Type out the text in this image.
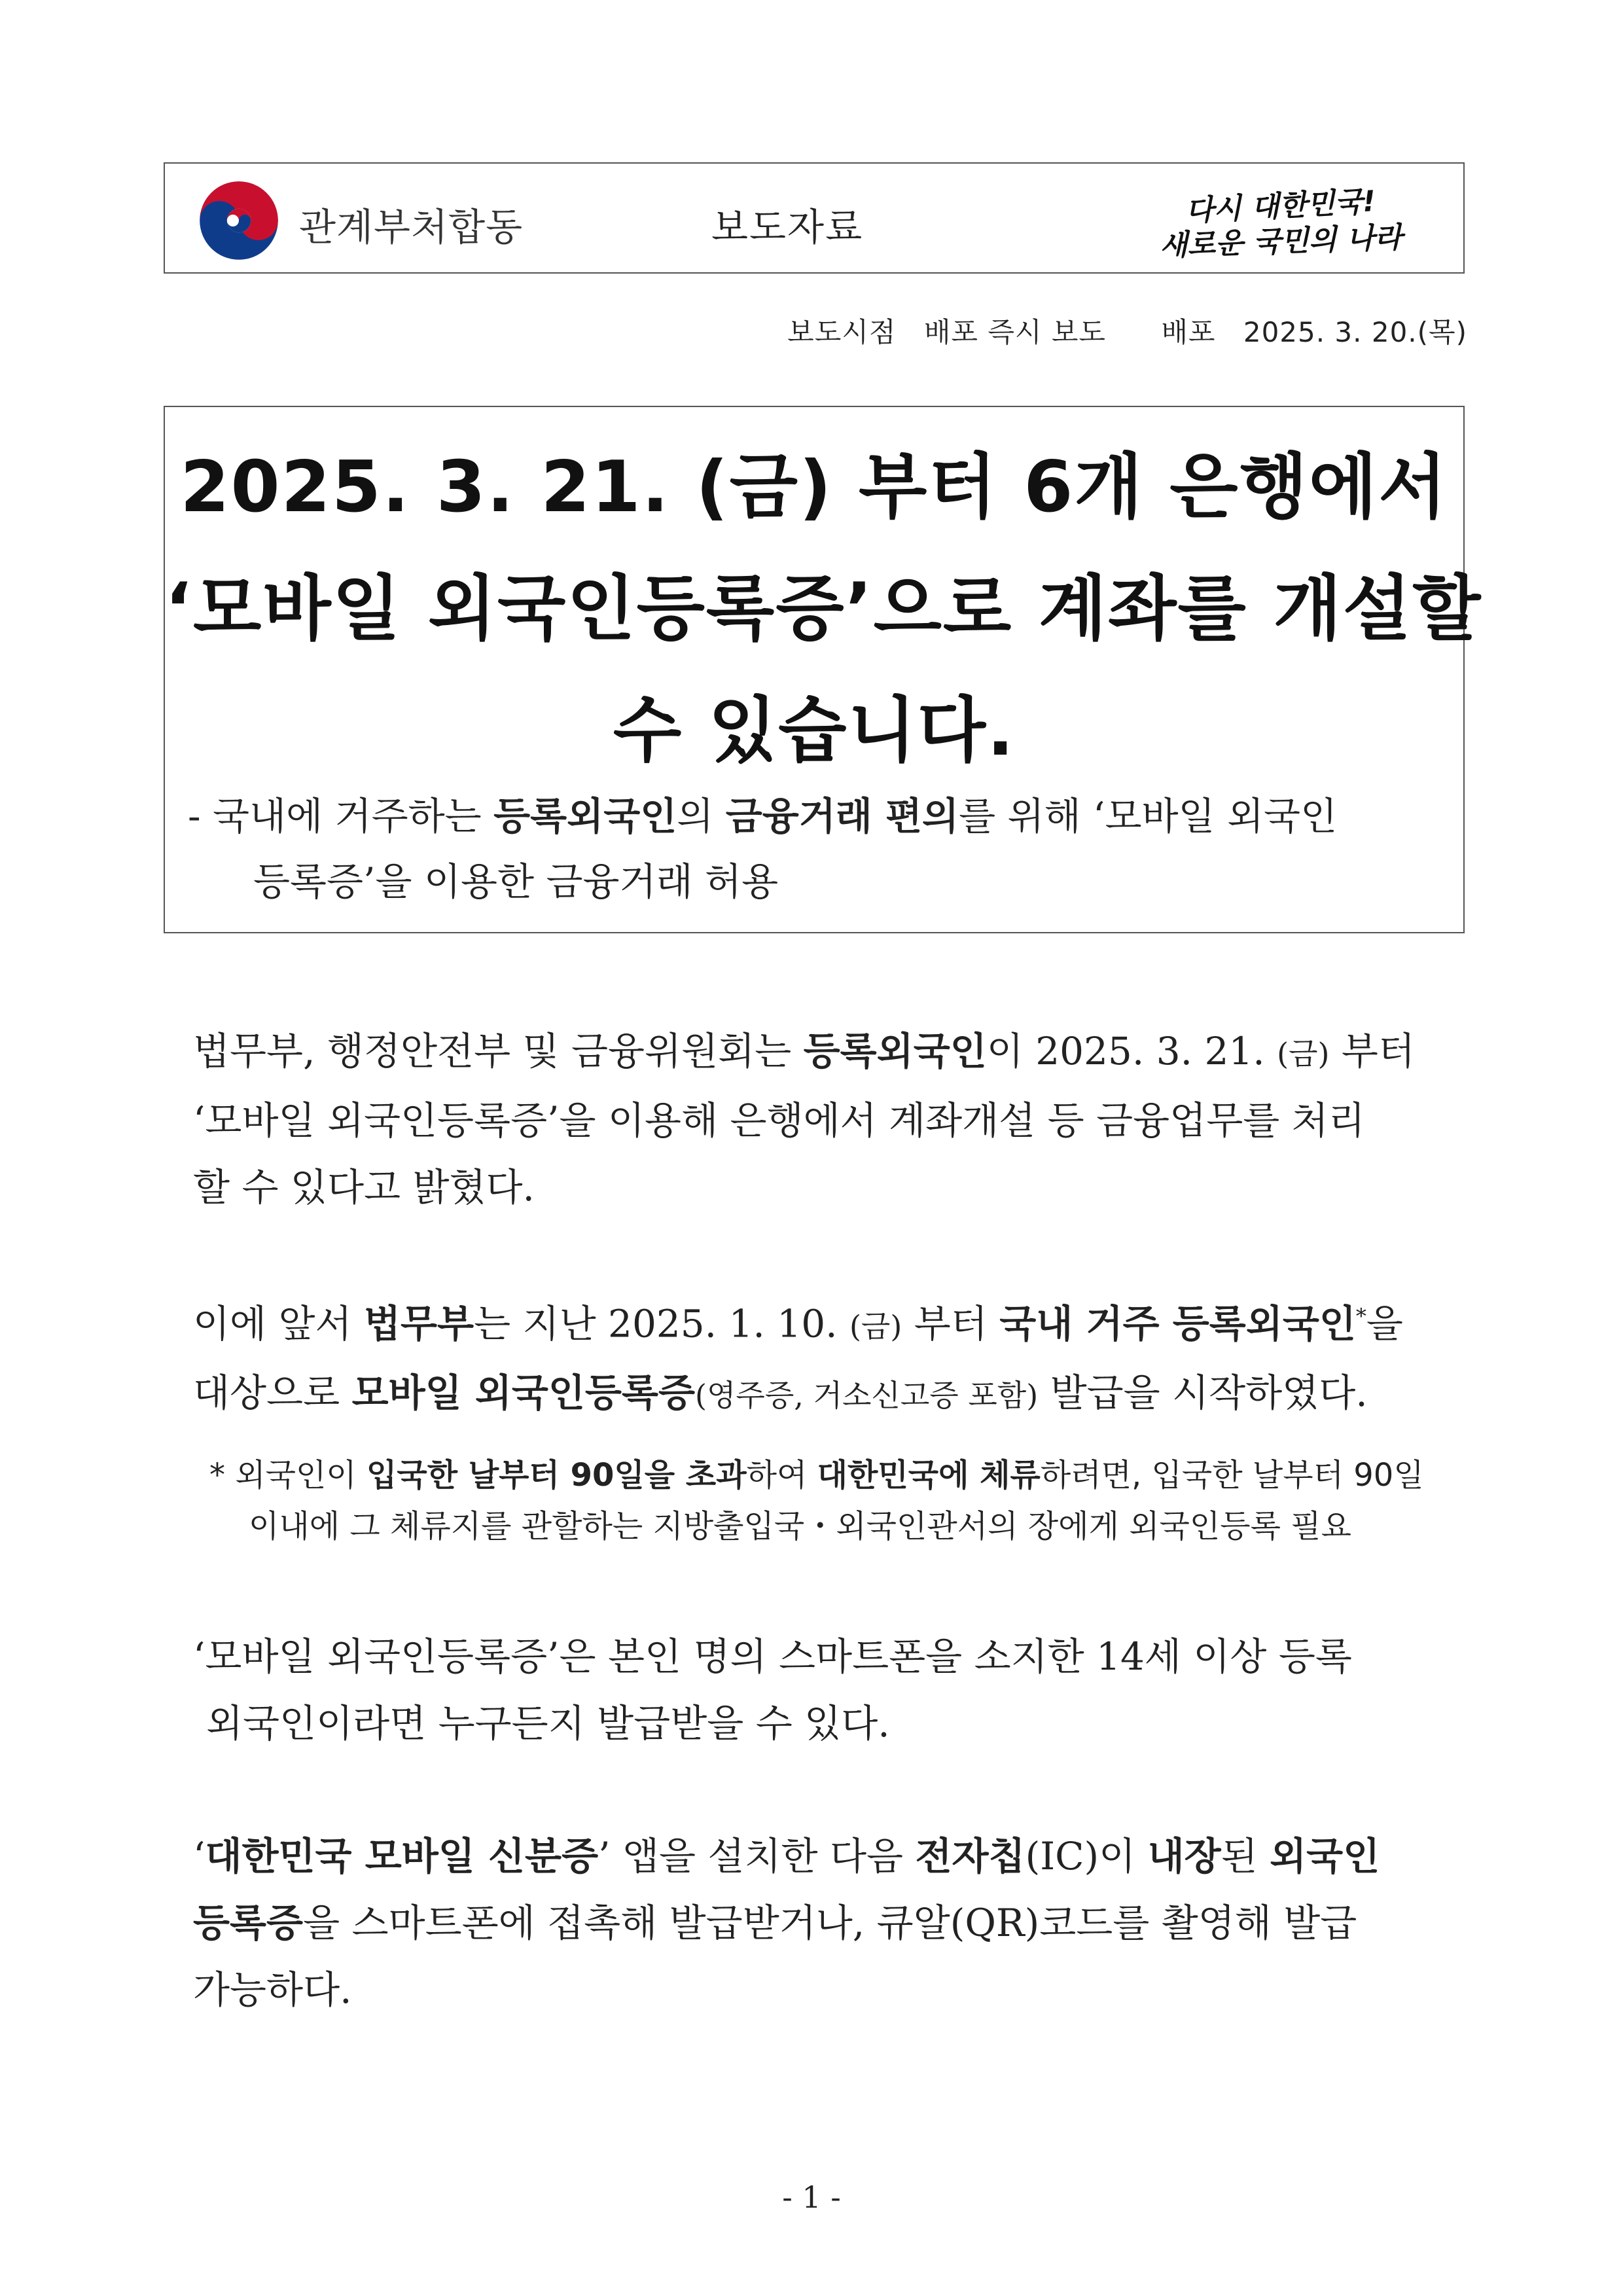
관계부처합동	보도자료	다시 대한민국!
새로운 국민의 나라
보도시점 배포 즉시 보도 배포 2025. 3. 20.(목)
2025. 3. 21. (금) 부터 6개 은행에서
‘모바일 외국인등록증’으로 계좌를 개설할
수 있습니다.
- 국내에 거주하는 등록외국인의 금융거래 편의를 위해 ‘모바일 외국인
등록증’을 이용한 금융거래 허용
법무부, 행정안전부 및 금융위원회는 등록외국인이 2025. 3. 21. (금) 부터
‘모바일 외국인등록증’을 이용해 은행에서 계좌개설 등 금융업무를 처리
할 수 있다고 밝혔다.
이에 앞서 법무부는 지난 2025. 1. 10. (금) 부터 국내 거주 등록외국인*을
대상으로 모바일 외국인등록증(영주증, 거소신고증 포함) 발급을 시작하였다.
* 외국인이 입국한 날부터 90일을 초과하여 대한민국에 체류하려면, 입국한 날부터 90일
이내에 그 체류지를 관할하는 지방출입국・외국인관서의 장에게 외국인등록 필요
‘모바일 외국인등록증’은 본인 명의 스마트폰을 소지한 14세 이상 등록
외국인이라면 누구든지 발급받을 수 있다.
‘대한민국 모바일 신분증’ 앱을 설치한 다음 전자칩(IC)이 내장된 외국인
등록증을 스마트폰에 접촉해 발급받거나, 큐알(QR)코드를 촬영해 발급
가능하다.
- 1 -
